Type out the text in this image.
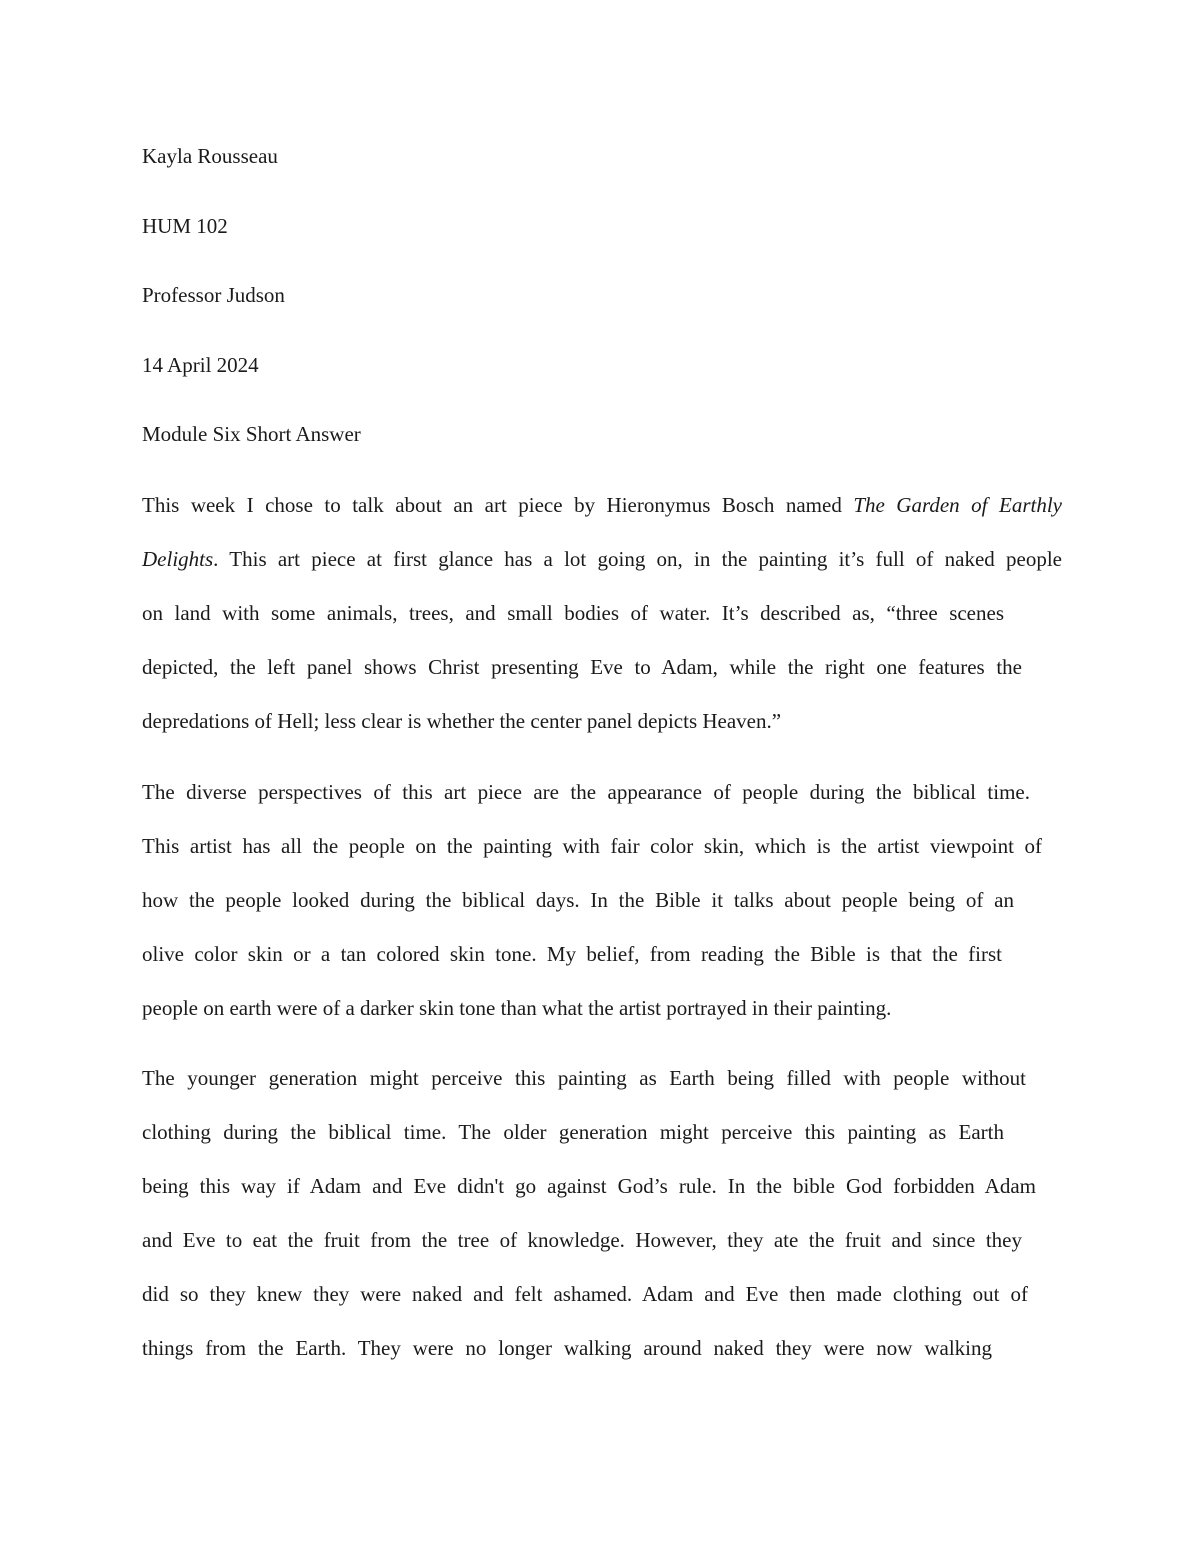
Kayla Rousseau
HUM 102
Professor Judson
14 April 2024
Module Six Short Answer
This week I chose to talk about an art piece by Hieronymus Bosch named The Garden of Earthly
Delights. This art piece at first glance has a lot going on, in the painting it’s full of naked people
on land with some animals, trees, and small bodies of water. It’s described as, “three scenes
depicted, the left panel shows Christ presenting Eve to Adam, while the right one features the
depredations of Hell; less clear is whether the center panel depicts Heaven.”
The diverse perspectives of this art piece are the appearance of people during the biblical time.
This artist has all the people on the painting with fair color skin, which is the artist viewpoint of
how the people looked during the biblical days. In the Bible it talks about people being of an
olive color skin or a tan colored skin tone. My belief, from reading the Bible is that the first
people on earth were of a darker skin tone than what the artist portrayed in their painting.
The younger generation might perceive this painting as Earth being filled with people without
clothing during the biblical time. The older generation might perceive this painting as Earth
being this way if Adam and Eve didn't go against God’s rule. In the bible God forbidden Adam
and Eve to eat the fruit from the tree of knowledge. However, they ate the fruit and since they
did so they knew they were naked and felt ashamed. Adam and Eve then made clothing out of
things from the Earth. They were no longer walking around naked they were now walking
